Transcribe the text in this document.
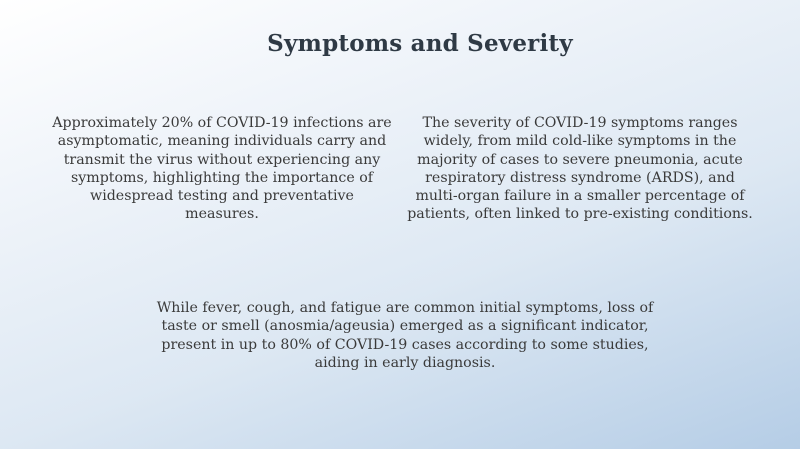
Symptoms and Severity
Approximately 20% of COVID-19 infections are asymptomatic, meaning individuals carry and transmit the virus without experiencing any symptoms, highlighting the importance of widespread testing and preventative measures.
The severity of COVID-19 symptoms ranges widely, from mild cold-like symptoms in the majority of cases to severe pneumonia, acute respiratory distress syndrome (ARDS), and multi-organ failure in a smaller percentage of patients, often linked to pre-existing conditions.
While fever, cough, and fatigue are common initial symptoms, loss of taste or smell (anosmia/ageusia) emerged as a significant indicator, present in up to 80% of COVID-19 cases according to some studies, aiding in early diagnosis.
